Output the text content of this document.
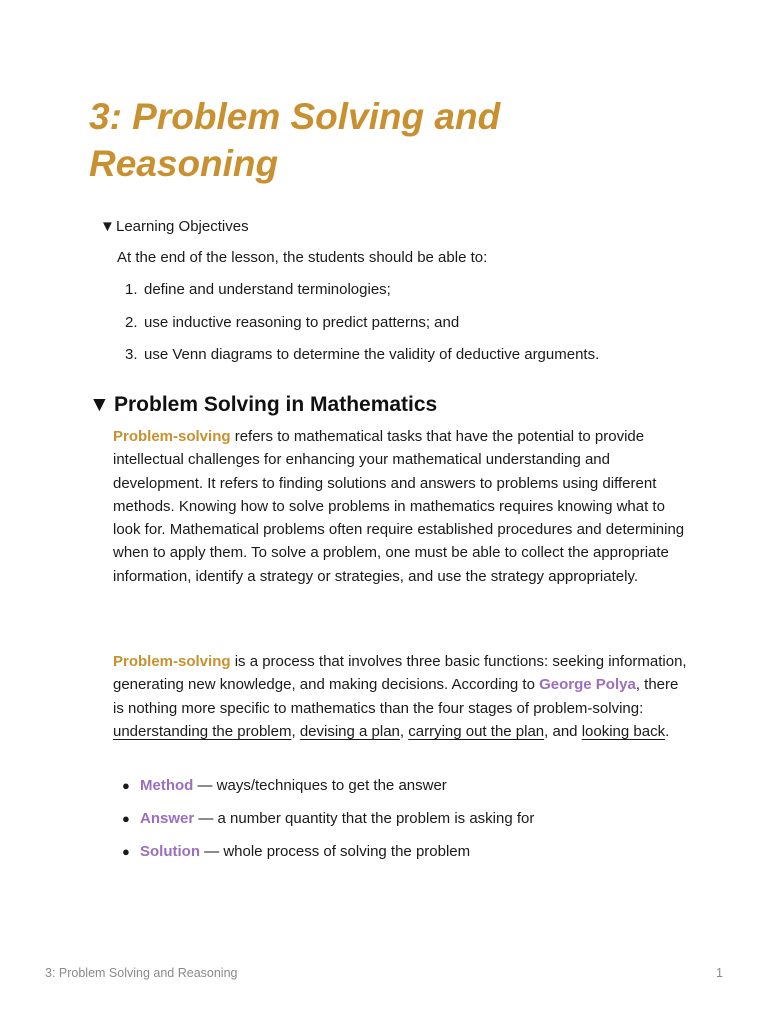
3: Problem Solving and Reasoning
▼Learning Objectives
At the end of the lesson, the students should be able to:
1. define and understand terminologies;
2. use inductive reasoning to predict patterns; and
3. use Venn diagrams to determine the validity of deductive arguments.
▼ Problem Solving in Mathematics

Problem-solving refers to mathematical tasks that have the potential to provide intellectual challenges for enhancing your mathematical understanding and development. It refers to finding solutions and answers to problems using different methods. Knowing how to solve problems in mathematics requires knowing what to look for. Mathematical problems often require established procedures and determining when to apply them. To solve a problem, one must be able to collect the appropriate information, identify a strategy or strategies, and use the strategy appropriately.

Problem-solving is a process that involves three basic functions: seeking information, generating new knowledge, and making decisions. According to George Polya, there is nothing more specific to mathematics than the four stages of problem-solving: understanding the problem, devising a plan, carrying out the plan, and looking back.

● Method — ways/techniques to get the answer
● Answer — a number quantity that the problem is asking for
● Solution — whole process of solving the problem
3: Problem Solving and Reasoning	1
